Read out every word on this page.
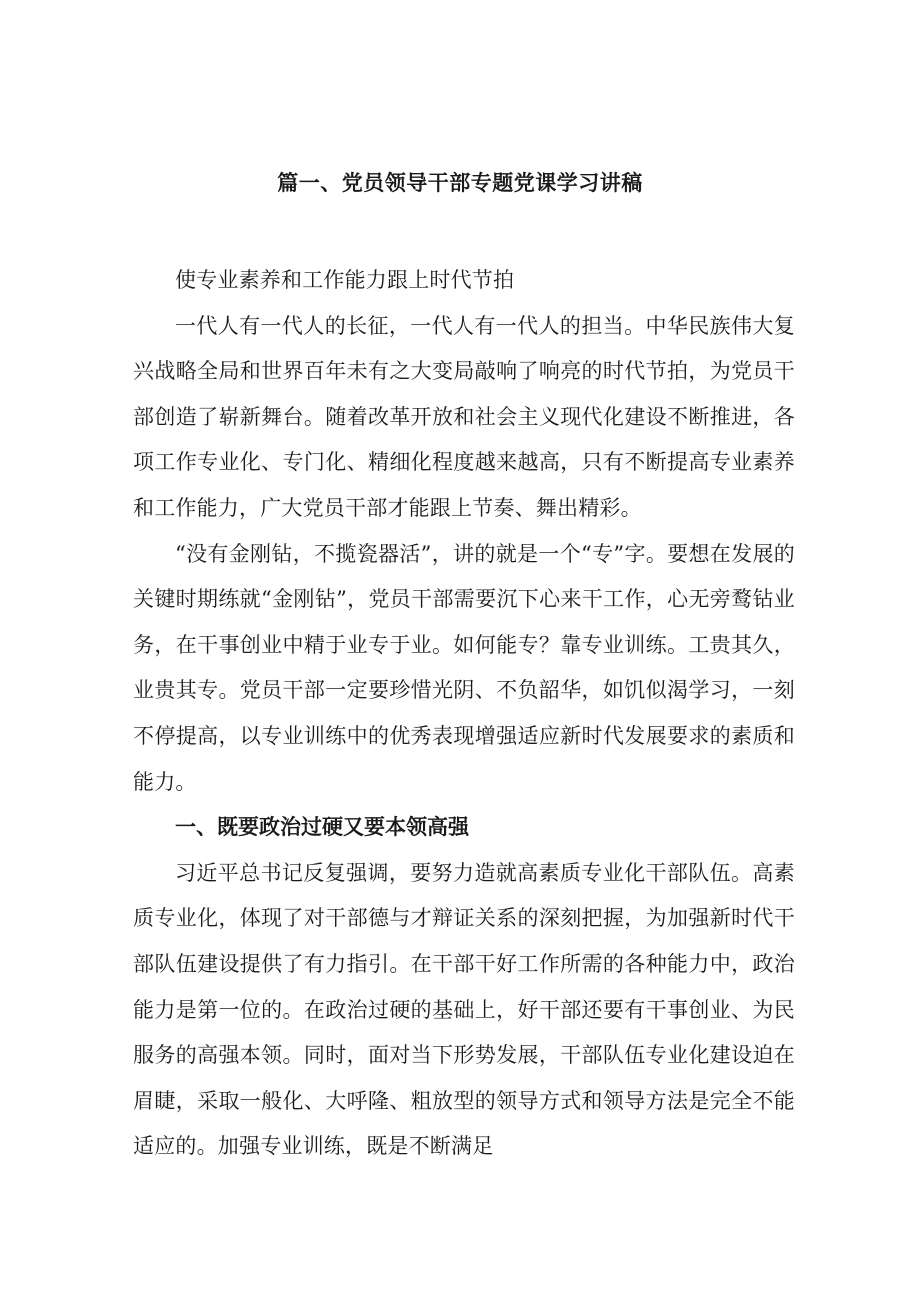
篇一、党员领导干部专题党课学习讲稿

使专业素养和工作能力跟上时代节拍

一代人有一代人的长征，一代人有一代人的担当。中华民族伟大复兴战略全局和世界百年未有之大变局敲响了响亮的时代节拍，为党员干部创造了崭新舞台。随着改革开放和社会主义现代化建设不断推进，各项工作专业化、专门化、精细化程度越来越高，只有不断提高专业素养和工作能力，广大党员干部才能跟上节奏、舞出精彩。

“没有金刚钻，不揽瓷器活”，讲的就是一个“专”字。要想在发展的关键时期练就“金刚钻”，党员干部需要沉下心来干工作，心无旁鹜钻业务，在干事创业中精于业专于业。如何能专？靠专业训练。工贵其久，业贵其专。党员干部一定要珍惜光阴、不负韶华，如饥似渴学习，一刻不停提高，以专业训练中的优秀表现增强适应新时代发展要求的素质和能力。

一、既要政治过硬又要本领高强

习近平总书记反复强调，要努力造就高素质专业化干部队伍。高素质专业化，体现了对干部德与才辩证关系的深刻把握，为加强新时代干部队伍建设提供了有力指引。在干部干好工作所需的各种能力中，政治能力是第一位的。在政治过硬的基础上，好干部还要有干事创业、为民服务的高强本领。同时，面对当下形势发展，干部队伍专业化建设迫在眉睫，采取一般化、大呼隆、粗放型的领导方式和领导方法是完全不能适应的。加强专业训练，既是不断满足
